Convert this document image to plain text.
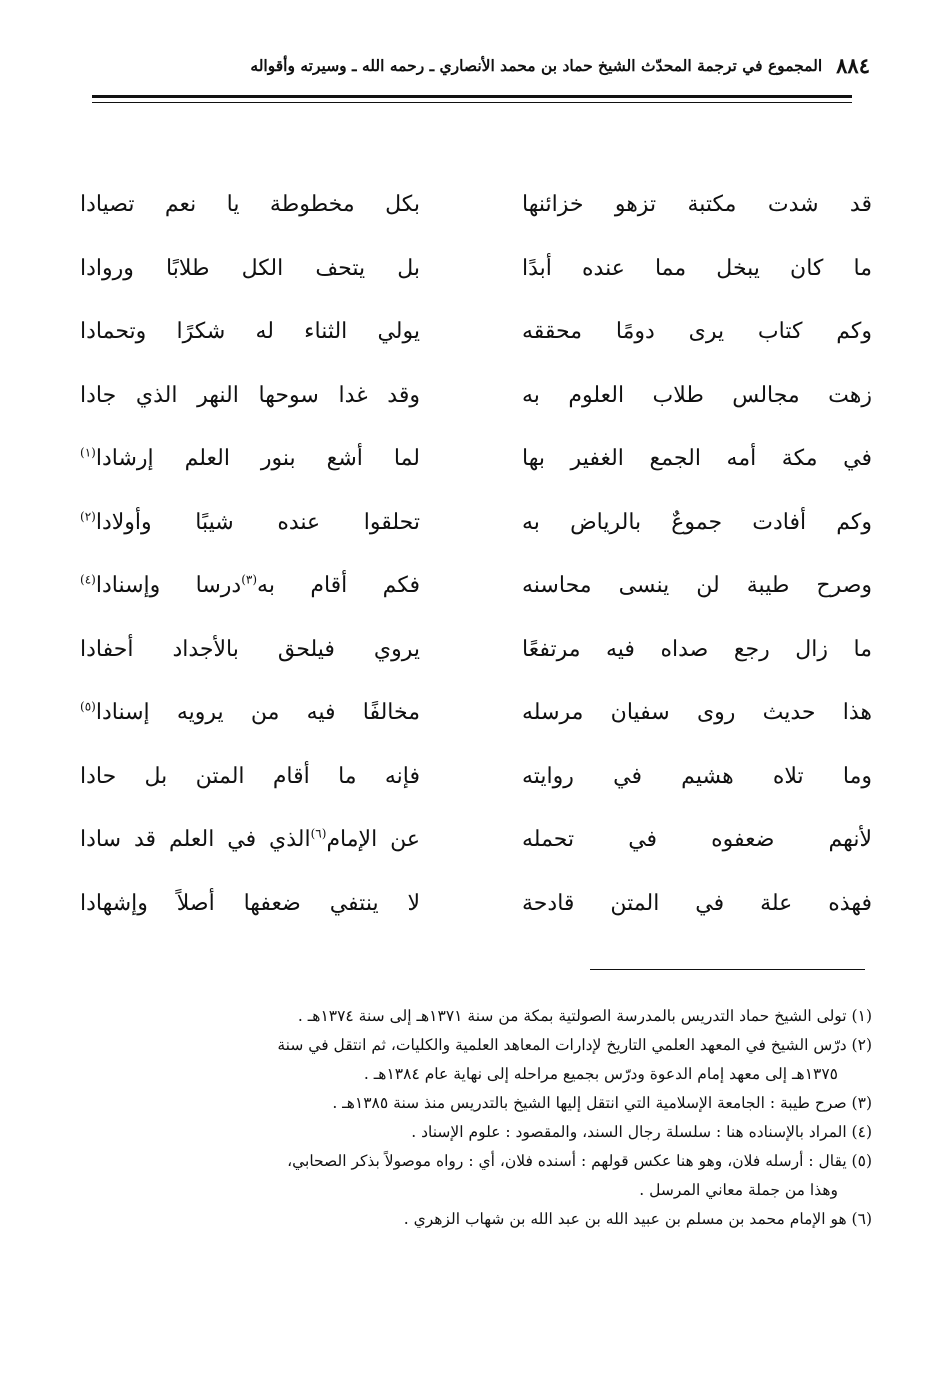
٨٨٤
المجموع في ترجمة المحدّث الشيخ حماد بن محمد الأنصاري ـ رحمه الله ـ وسيرته وأقواله
قد شدت مكتبة تزهو خزائنها
بكل مخطوطة يا نعم تصيادا
ما كان يبخل مما عنده أبدًا
بل يتحف الكل طلابًا وروادا
وكم كتاب يرى دومًا محققه
يولي الثناء له شكرًا وتحمادا
زهت مجالس طلاب العلوم به
وقد غدا سوحها النهر الذي جادا
في مكة أمه الجمع الغفير بها
لما أشع بنور العلم إرشادا$^{(١)}$
وكم أفادت جموعٌ بالرياض به
تحلقوا عنده شيبًا وأولادا$^{(٢)}$
وصرح طيبة لن ينسى محاسنه
فكم أقام به$^{(٣)}$درسا وإسنادا$^{(٤)}$
ما زال رجع صداه فيه مرتفعًا
يروي فيلحق بالأجداد أحفادا
هذا حديث روى سفيان مرسله
مخالفًا فيه من يرويه إسنادا$^{(٥)}$
وما تلاه هشيم في روايته
فإنه ما أقام المتن بل حادا
لأنهم ضعفوه في تحمله
عن الإمام$^{(٦)}$الذي في العلم قد سادا
فهذه علة في المتن قادحة
لا ينتفي ضعفها أصلاً وإشهادا
(١) تولى الشيخ حماد التدريس بالمدرسة الصولتية بمكة من سنة ١٣٧١هـ إلى سنة ١٣٧٤هـ .
(٢) درّس الشيخ في المعهد العلمي التاريخ لإدارات المعاهد العلمية والكليات، ثم انتقل في سنة
١٣٧٥هـ إلى معهد إمام الدعوة ودرّس بجميع مراحله إلى نهاية عام ١٣٨٤هـ .
(٣) صرح طيبة : الجامعة الإسلامية التي انتقل إليها الشيخ بالتدريس منذ سنة ١٣٨٥هـ .
(٤) المراد بالإسناده هنا : سلسلة رجال السند، والمقصود : علوم الإسناد .
(٥) يقال : أرسله فلان، وهو هنا عكس قولهم : أسنده فلان، أي : رواه موصولاً بذكر الصحابي،
وهذا من جملة معاني المرسل .
(٦) هو الإمام محمد بن مسلم بن عبيد الله بن عبد الله بن شهاب الزهري .
